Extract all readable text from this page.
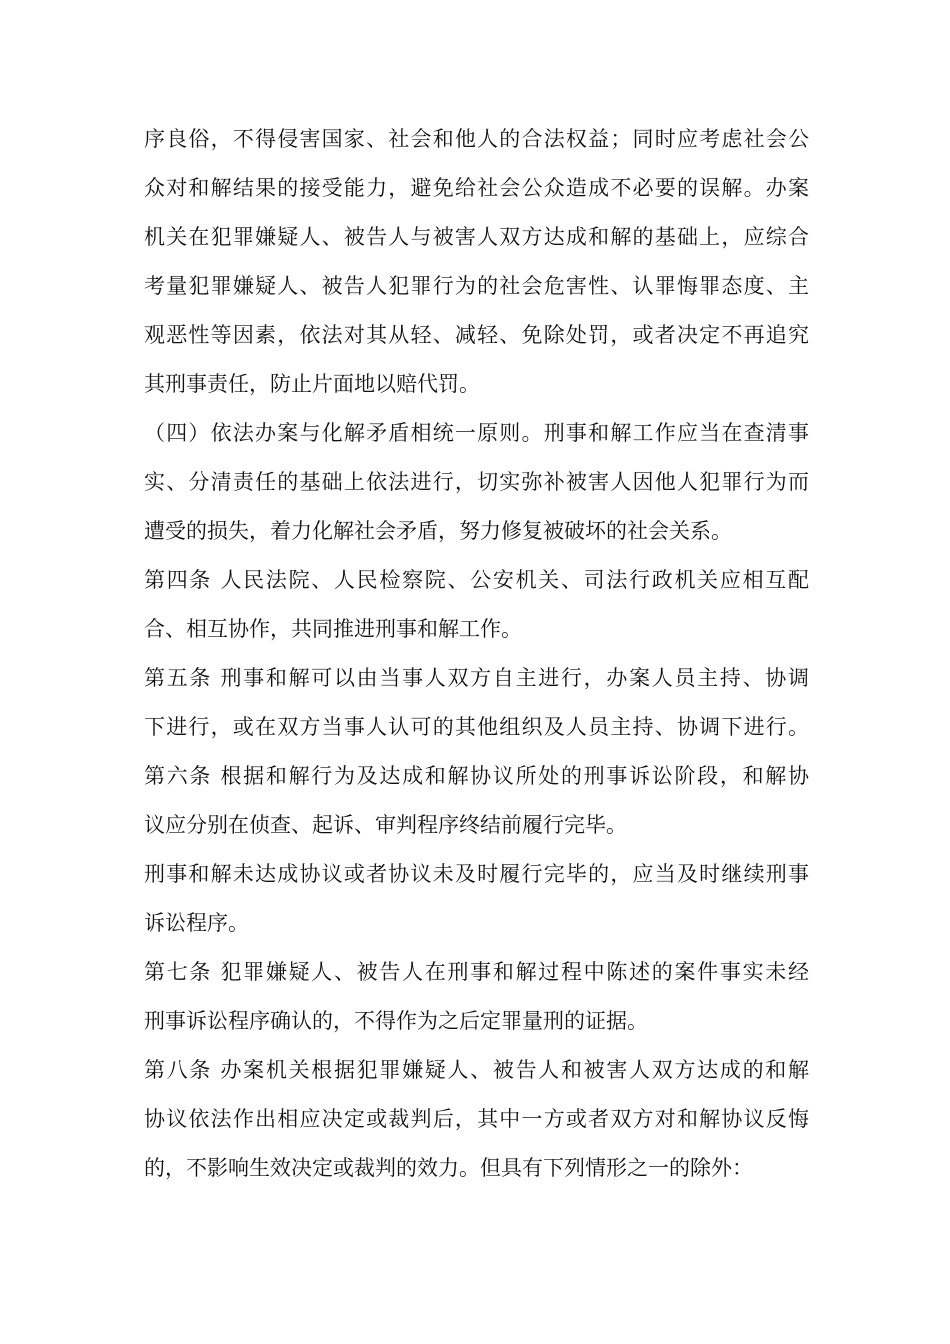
序良俗，不得侵害国家、社会和他人的合法权益；同时应考虑社会公
众对和解结果的接受能力，避免给社会公众造成不必要的误解。办案
机关在犯罪嫌疑人、被告人与被害人双方达成和解的基础上，应综合
考量犯罪嫌疑人、被告人犯罪行为的社会危害性、认罪悔罪态度、主
观恶性等因素，依法对其从轻、减轻、免除处罚，或者决定不再追究
其刑事责任，防止片面地以赔代罚。
（四）依法办案与化解矛盾相统一原则。刑事和解工作应当在查清事
实、分清责任的基础上依法进行，切实弥补被害人因他人犯罪行为而
遭受的损失，着力化解社会矛盾，努力修复被破坏的社会关系。
第四条 人民法院、人民检察院、公安机关、司法行政机关应相互配
合、相互协作，共同推进刑事和解工作。
第五条 刑事和解可以由当事人双方自主进行，办案人员主持、协调
下进行，或在双方当事人认可的其他组织及人员主持、协调下进行。
第六条 根据和解行为及达成和解协议所处的刑事诉讼阶段，和解协
议应分别在侦查、起诉、审判程序终结前履行完毕。
刑事和解未达成协议或者协议未及时履行完毕的，应当及时继续刑事
诉讼程序。
第七条 犯罪嫌疑人、被告人在刑事和解过程中陈述的案件事实未经
刑事诉讼程序确认的，不得作为之后定罪量刑的证据。
第八条 办案机关根据犯罪嫌疑人、被告人和被害人双方达成的和解
协议依法作出相应决定或裁判后，其中一方或者双方对和解协议反悔
的，不影响生效决定或裁判的效力。但具有下列情形之一的除外：
